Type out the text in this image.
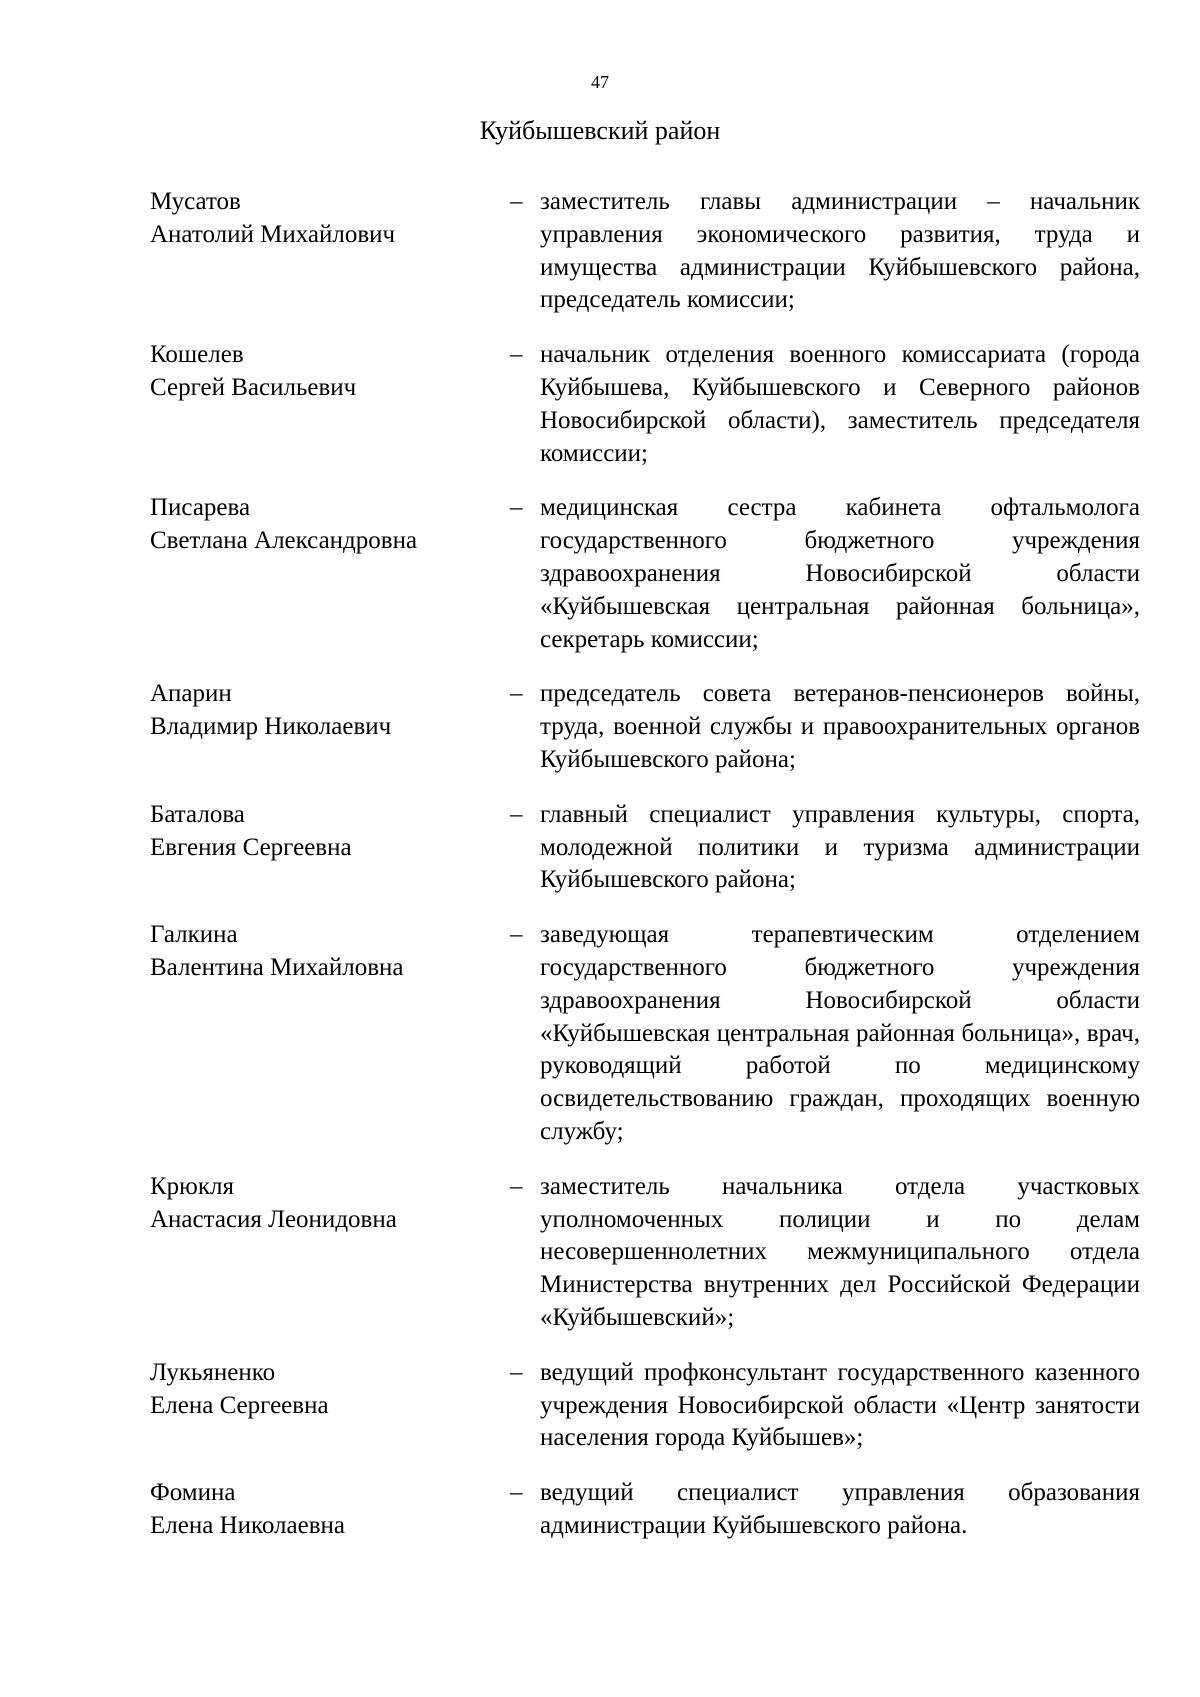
47
Куйбышевский район
Мусатов
Анатолий Михайлович
– заместитель главы администрации – начальник управления экономического развития, труда и имущества администрации Куйбышевского района, председатель комиссии;
Кошелев
Сергей Васильевич
– начальник отделения военного комиссариата (города Куйбышева, Куйбышевского и Северного районов Новосибирской области), заместитель председателя комиссии;
Писарева
Светлана Александровна
– медицинская сестра кабинета офтальмолога государственного бюджетного учреждения здравоохранения Новосибирской области «Куйбышевская центральная районная больница», секретарь комиссии;
Апарин
Владимир Николаевич
– председатель совета ветеранов-пенсионеров войны, труда, военной службы и правоохранительных органов Куйбышевского района;
Баталова
Евгения Сергеевна
– главный специалист управления культуры, спорта, молодежной политики и туризма администрации Куйбышевского района;
Галкина
Валентина Михайловна
– заведующая терапевтическим отделением государственного бюджетного учреждения здравоохранения Новосибирской области «Куйбышевская центральная районная больница», врач, руководящий работой по медицинскому освидетельствованию граждан, проходящих военную службу;
Крюкля
Анастасия Леонидовна
– заместитель начальника отдела участковых уполномоченных полиции и по делам несовершеннолетних межмуниципального отдела Министерства внутренних дел Российской Федерации «Куйбышевский»;
Лукьяненко
Елена Сергеевна
– ведущий профконсультант государственного казенного учреждения Новосибирской области «Центр занятости населения города Куйбышев»;
Фомина
Елена Николаевна
– ведущий специалист управления образования администрации Куйбышевского района.
